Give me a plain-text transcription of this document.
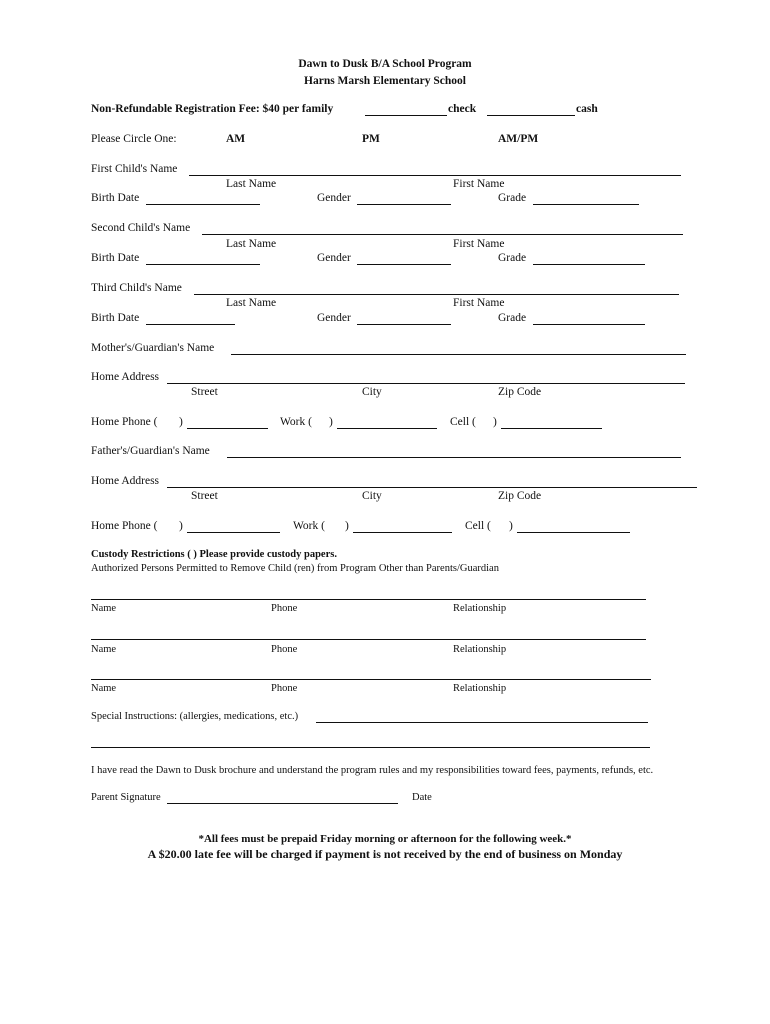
Dawn to Dusk B/A School Program
Harns Marsh Elementary School
Non-Refundable Registration Fee: $40 per family	check	cash
Please Circle One:	AM	PM	AM/PM
First Child's Name
Last Name	First Name
Birth Date	Gender	Grade
Second Child's Name
Last Name	First Name
Birth Date	Gender	Grade
Third Child's Name
Last Name	First Name
Birth Date	Gender	Grade
Mother's/Guardian's Name
Home Address
Street	City	Zip Code
Home Phone ( )	Work ( )	Cell ( )
Father's/Guardian's Name
Home Address
Street	City	Zip Code
Home Phone ( )	Work ( )	Cell ( )
Custody Restrictions ( ) Please provide custody papers.
Authorized Persons Permitted to Remove Child (ren) from Program Other than Parents/Guardian
Name	Phone	Relationship
Name	Phone	Relationship
Name	Phone	Relationship
Special Instructions: (allergies, medications, etc.)
I have read the Dawn to Dusk brochure and understand the program rules and my responsibilities toward fees, payments, refunds, etc.
Parent Signature	Date
*All fees must be prepaid Friday morning or afternoon for the following week.*
A $20.00 late fee will be charged if payment is not received by the end of business on Monday
